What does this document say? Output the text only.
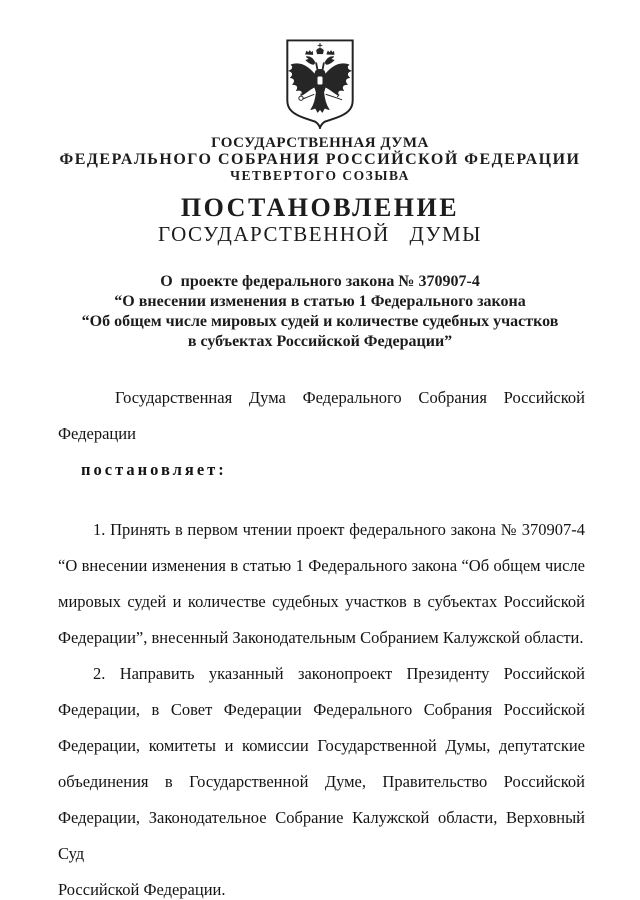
ГОСУДАРСТВЕННАЯ ДУМА
ФЕДЕРАЛЬНОГО СОБРАНИЯ РОССИЙСКОЙ ФЕДЕРАЦИИ
ЧЕТВЕРТОГО СОЗЫВА
ПОСТАНОВЛЕНИЕ
ГОСУДАРСТВЕННОЙ ДУМЫ
О  проекте федерального закона № 370907-4
“О внесении изменения в статью 1 Федерального закона
“Об общем числе мировых судей и количестве судебных участков
в субъектах Российской Федерации”
Государственная Дума Федерального Собрания Российской Федерации
постановляет:
1. Принять в первом чтении проект федерального закона № 370907-4
“О внесении изменения в статью 1 Федерального закона “Об общем числе
мировых судей и количестве судебных участков в субъектах Российской
Федерации”, внесенный Законодательным Собранием Калужской области.
2. Направить указанный законопроект Президенту Российской
Федерации, в Совет Федерации Федерального Собрания Российской
Федерации, комитеты и комиссии Государственной Думы, депутатские
объединения в Государственной Думе, Правительство Российской
Федерации, Законодательное Собрание Калужской области, Верховный Суд
Российской Федерации.
